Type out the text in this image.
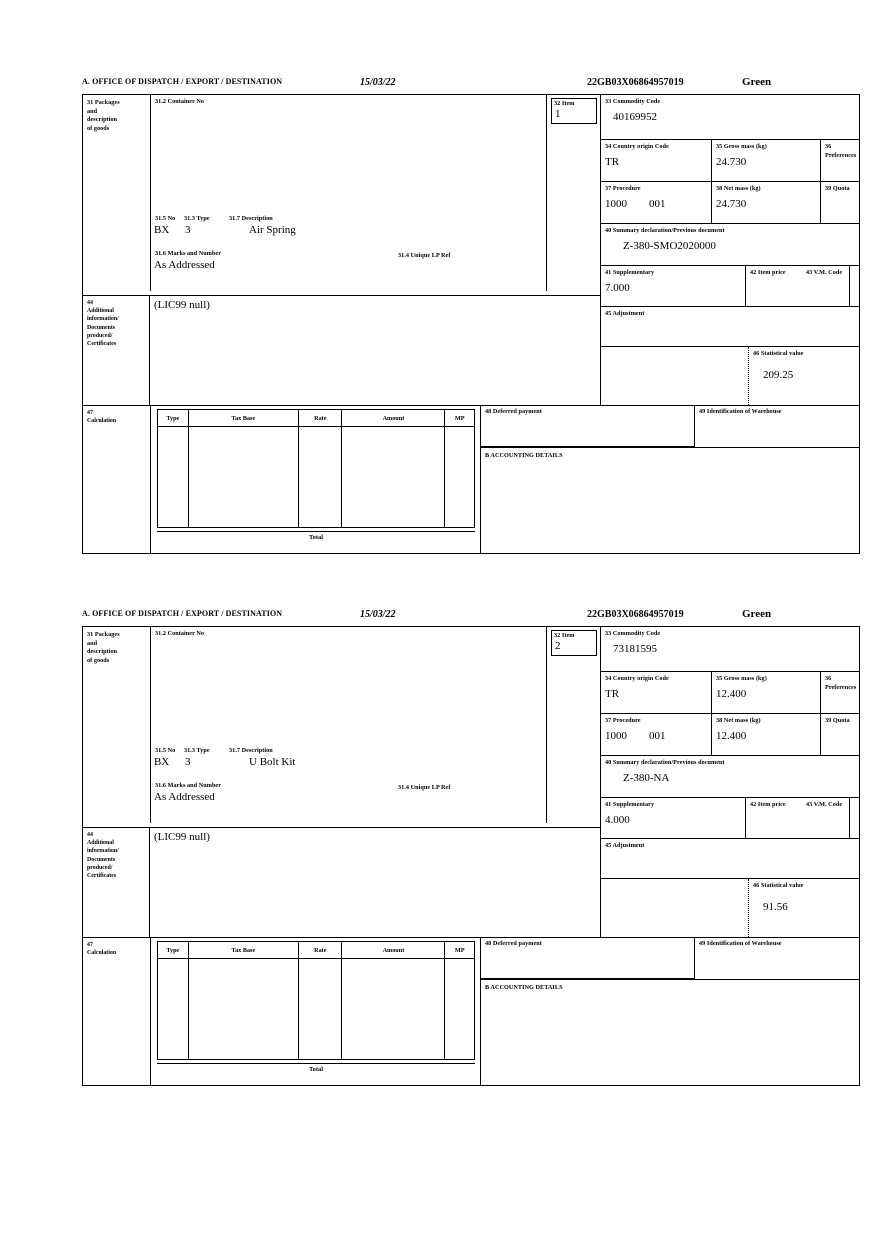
A. OFFICE OF DISPATCH / EXPORT / DESTINATION	15/03/22	22GB03X06864957019	Green
31 Packages
and
description
of goods
31.2 Container No
31.5 No 31.3 Type	31.7 Description
BX 3	Air Spring
31.6 Marks and Number
As Addressed
31.4 Unique LP Ref
32 Item
1
33 Commodity Code
40169952
34 Country origin Code
TR
35 Gross mass (kg)
24.730
36 Preferences
37 Procedure
1000        001
38 Net mass (kg)
24.730
39 Quota
40 Summary declaration/Previous document
Z-380-SMO2020000
41 Supplementary
7.000
42 Item price	43 V.M. Code
45 Adjustment
46 Statistical value
209.25
44
Additional
information/
Documents
produced/
Certificates
(LIC99 null)
47
Calculation	Type	Tax Base	Rate	Amount	MP

Total
48 Deferred payment	49 Identification of Warehouse
B ACCOUNTING DETAILS
A. OFFICE OF DISPATCH / EXPORT / DESTINATION	15/03/22	22GB03X06864957019	Green
31 Packages
and
description
of goods
31.2 Container No
31.5 No 31.3 Type	31.7 Description
BX 3	U Bolt Kit
31.6 Marks and Number
As Addressed
31.4 Unique LP Ref
32 Item
2
33 Commodity Code
73181595
34 Country origin Code
TR
35 Gross mass (kg)
12.400
36 Preferences
37 Procedure
1000        001
38 Net mass (kg)
12.400
39 Quota
40 Summary declaration/Previous document
Z-380-NA
41 Supplementary
4.000
42 Item price	43 V.M. Code
45 Adjustment
46 Statistical value
91.56
44
Additional
information/
Documents
produced/
Certificates
(LIC99 null)
47
Calculation	Type	Tax Base	Rate	Amount	MP

Total
48 Deferred payment	49 Identification of Warehouse
B ACCOUNTING DETAILS
